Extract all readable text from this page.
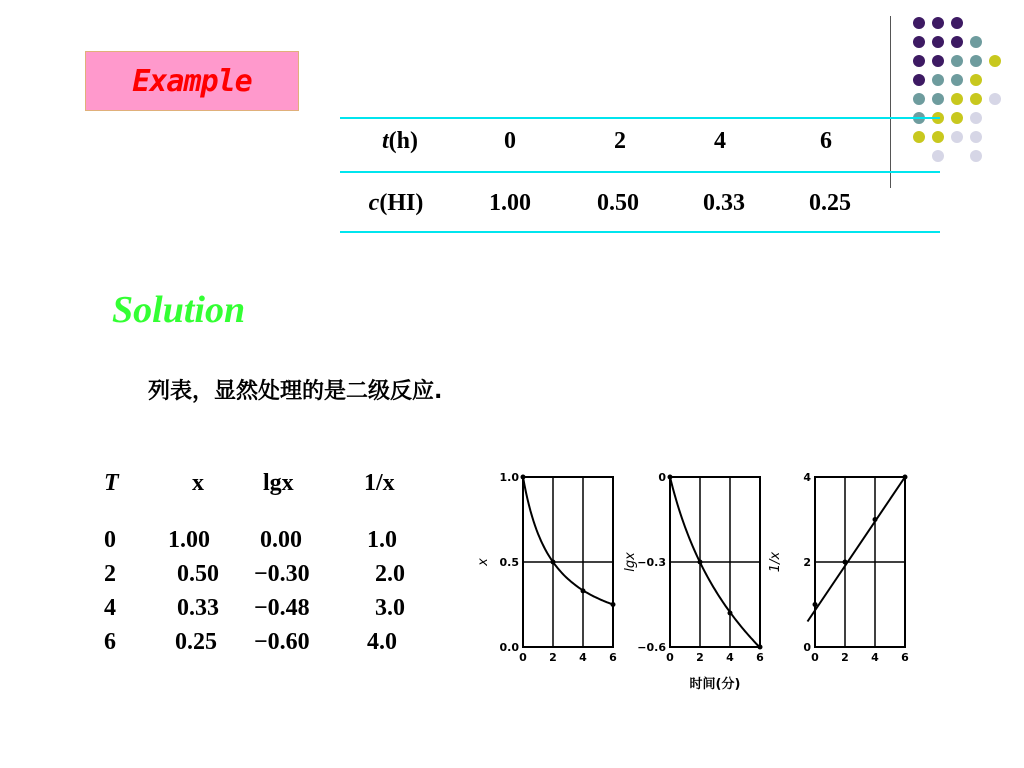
Example
t(h)	0	2	4	6
c(HI)	1.00	0.50	0.33	0.25
Solution
列表，显然处理的是二级反应.
T	x lgx	1/x
0 1.00 0.00	1.0
2	0.50 −0.30	2.0
4	0.33 −0.48	3.0
6 0.25 −0.60 4.0
1.0
0.5
0.0
0 2 4 6
x
0
−0.3
−0.6
0 2 4 6
lgx
4
2
0
0 2 4 6
1/x
时间(分)
